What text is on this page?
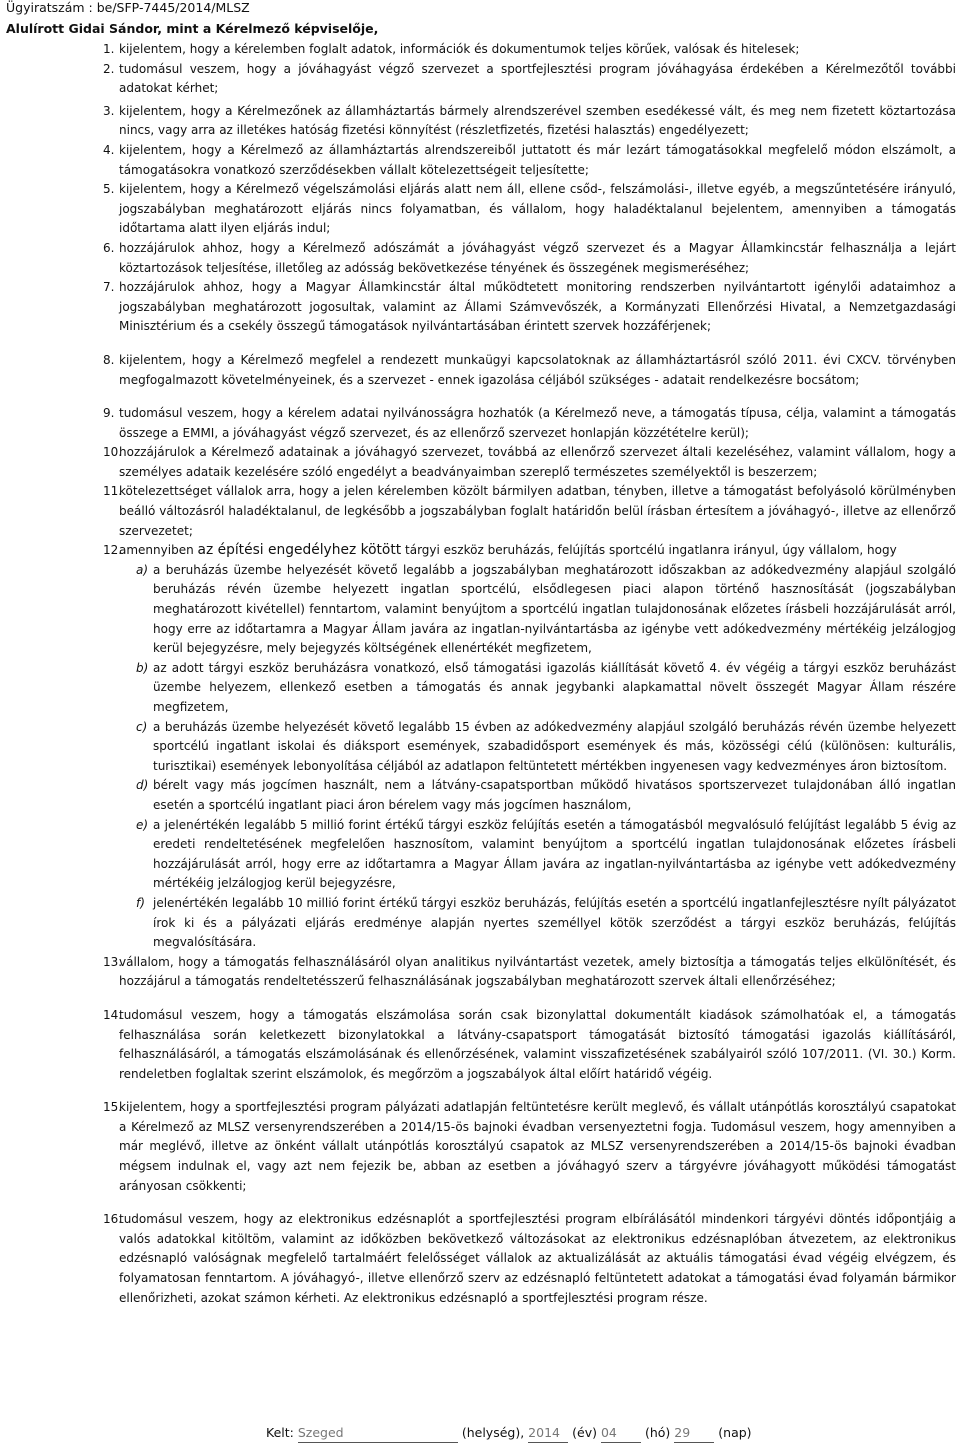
Ügyiratszám : be/SFP-7445/2014/MLSZ
Alulírott Gidai Sándor, mint a Kérelmező képviselője,

1. kijelentem, hogy a kérelemben foglalt adatok, információk és dokumentumok teljes körűek, valósak és hitelesek;

2. tudomásul veszem, hogy a jóváhagyást végző szervezet a sportfejlesztési program jóváhagyása érdekében a Kérelmezőtől további adatokat kérhet;

3. kijelentem, hogy a Kérelmezőnek az államháztartás bármely alrendszerével szemben esedékessé vált, és meg nem fizetett köztartozása nincs, vagy arra az illetékes hatóság fizetési könnyítést (részletfizetés, fizetési halasztás) engedélyezett;

4. kijelentem, hogy a Kérelmező az államháztartás alrendszereiből juttatott és már lezárt támogatásokkal megfelelő módon elszámolt, a támogatásokra vonatkozó szerződésekben vállalt kötelezettségeit teljesítette;

5. kijelentem, hogy a Kérelmező végelszámolási eljárás alatt nem áll, ellene csőd-, felszámolási-, illetve egyéb, a megszűntetésére irányuló, jogszabályban meghatározott eljárás nincs folyamatban, és vállalom, hogy haladéktalanul bejelentem, amennyiben a támogatás időtartama alatt ilyen eljárás indul;

6. hozzájárulok ahhoz, hogy a Kérelmező adószámát a jóváhagyást végző szervezet és a Magyar Államkincstár felhasználja a lejárt köztartozások teljesítése, illetőleg az adósság bekövetkezése tényének és összegének megismeréséhez;

7. hozzájárulok ahhoz, hogy a Magyar Államkincstár által működtetett monitoring rendszerben nyilvántartott igénylői adataimhoz a jogszabályban meghatározott jogosultak, valamint az Állami Számvevőszék, a Kormányzati Ellenőrzési Hivatal, a Nemzetgazdasági Minisztérium és a csekély összegű támogatások nyilvántartásában érintett szervek hozzáférjenek;

8. kijelentem, hogy a Kérelmező megfelel a rendezett munkaügyi kapcsolatoknak az államháztartásról szóló 2011. évi CXCV. törvényben megfogalmazott követelményeinek, és a szervezet - ennek igazolása céljából szükséges - adatait rendelkezésre bocsátom;

9. tudomásul veszem, hogy a kérelem adatai nyilvánosságra hozhatók (a Kérelmező neve, a támogatás típusa, célja, valamint a támogatás összege a EMMI, a jóváhagyást végző szervezet, és az ellenőrző szervezet honlapján közzétételre kerül);

10.
hozzájárulok a Kérelmező adatainak a jóváhagyó szervezet, továbbá az ellenőrző szervezet általi kezeléséhez, valamint vállalom, hogy a személyes adataik kezelésére szóló engedélyt a beadványaimban szereplő természetes személyektől is beszerzem;

11.
kötelezettséget vállalok arra, hogy a jelen kérelemben közölt bármilyen adatban, tényben, illetve a támogatást befolyásoló körülményben beálló változásról haladéktalanul, de legkésőbb a jogszabályban foglalt határidőn belül írásban értesítem a jóváhagyó-, illetve az ellenőrző szervezetet;

12.
amennyiben az építési engedélyhez kötött tárgyi eszköz beruházás, felújítás sportcélú ingatlanra irányul, úgy vállalom, hogy

a) a beruházás üzembe helyezését követő legalább a jogszabályban meghatározott időszakban az adókedvezmény alapjául szolgáló beruházás révén üzembe helyezett ingatlan sportcélú, elsődlegesen piaci alapon történő hasznosítását (jogszabályban meghatározott kivétellel) fenntartom, valamint benyújtom a sportcélú ingatlan tulajdonosának előzetes írásbeli hozzájárulását arról, hogy erre az időtartamra a Magyar Állam javára az ingatlan-nyilvántartásba az igénybe vett adókedvezmény mértékéig jelzálogjog kerül bejegyzésre, mely bejegyzés költségének ellenértékét megfizetem,

b) az adott tárgyi eszköz beruházásra vonatkozó, első támogatási igazolás kiállítását követő 4. év végéig a tárgyi eszköz beruházást üzembe helyezem, ellenkező esetben a támogatás és annak jegybanki alapkamattal növelt összegét Magyar Állam részére megfizetem,

c) a beruházás üzembe helyezését követő legalább 15 évben az adókedvezmény alapjául szolgáló beruházás révén üzembe helyezett sportcélú ingatlant iskolai és diáksport események, szabadidősport események és más, közösségi célú (különösen: kulturális, turisztikai) események lebonyolítása céljából az adatlapon feltüntetett mértékben ingyenesen vagy kedvezményes áron biztosítom.

d) bérelt vagy más jogcímen használt, nem a látvány-csapatsportban működő hivatásos sportszervezet tulajdonában álló ingatlan esetén a sportcélú ingatlant piaci áron bérelem vagy más jogcímen használom,

e) a jelenértékén legalább 5 millió forint értékű tárgyi eszköz felújítás esetén a támogatásból megvalósuló felújítást legalább 5 évig az eredeti rendeltetésének megfelelően hasznosítom, valamint benyújtom a sportcélú ingatlan tulajdonosának előzetes írásbeli hozzájárulását arról, hogy erre az időtartamra a Magyar Állam javára az ingatlan-nyilvántartásba az igénybe vett adókedvezmény mértékéig jelzálogjog kerül bejegyzésre,

f) jelenértékén legalább 10 millió forint értékű tárgyi eszköz beruházás, felújítás esetén a sportcélú ingatlanfejlesztésre nyílt pályázatot írok ki és a pályázati eljárás eredménye alapján nyertes személlyel kötök szerződést a tárgyi eszköz beruházás, felújítás megvalósítására.

13.
vállalom, hogy a támogatás felhasználásáról olyan analitikus nyilvántartást vezetek, amely biztosítja a támogatás teljes elkülönítését, és hozzájárul a támogatás rendeltetésszerű felhasználásának jogszabályban meghatározott szervek általi ellenőrzéséhez;

14.
tudomásul veszem, hogy a támogatás elszámolása során csak bizonylattal dokumentált kiadások számolhatóak el, a támogatás felhasználása során keletkezett bizonylatokkal a látvány-csapatsport támogatását biztosító támogatási igazolás kiállításáról, felhasználásáról, a támogatás elszámolásának és ellenőrzésének, valamint visszafizetésének szabályairól szóló 107/2011. (VI. 30.) Korm. rendeletben foglaltak szerint elszámolok, és megőrzöm a jogszabályok által előírt határidő végéig.

15.
kijelentem, hogy a sportfejlesztési program pályázati adatlapján feltüntetésre került meglevő, és vállalt utánpótlás korosztályú csapatokat a Kérelmező az MLSZ versenyrendszerében a 2014/15-ös bajnoki évadban versenyeztetni fogja. Tudomásul veszem, hogy amennyiben a már meglévő, illetve az önként vállalt utánpótlás korosztályú csapatok az MLSZ versenyrendszerében a 2014/15-ös bajnoki évadban mégsem indulnak el, vagy azt nem fejezik be, abban az esetben a jóváhagyó szerv a tárgyévre jóváhagyott működési támogatást arányosan csökkenti;

16.
tudomásul veszem, hogy az elektronikus edzésnaplót a sportfejlesztési program elbírálásától mindenkori tárgyévi döntés időpontjáig a valós adatokkal kitöltöm, valamint az időközben bekövetkező változásokat az elektronikus edzésnaplóban átvezetem, az elektronikus edzésnapló valóságnak megfelelő tartalmáért felelősséget vállalok az aktualizálását az aktuális támogatási évad végéig elvégzem, és folyamatosan fenntartom. A jóváhagyó-, illetve ellenőrző szerv az edzésnapló feltüntetett adatokat a támogatási évad folyamán bármikor ellenőrizheti, azokat számon kérheti. Az elektronikus edzésnapló a sportfejlesztési program része.

Kelt: Szeged	(helység), 2014 (év) 04 (hó) 29 (nap)
